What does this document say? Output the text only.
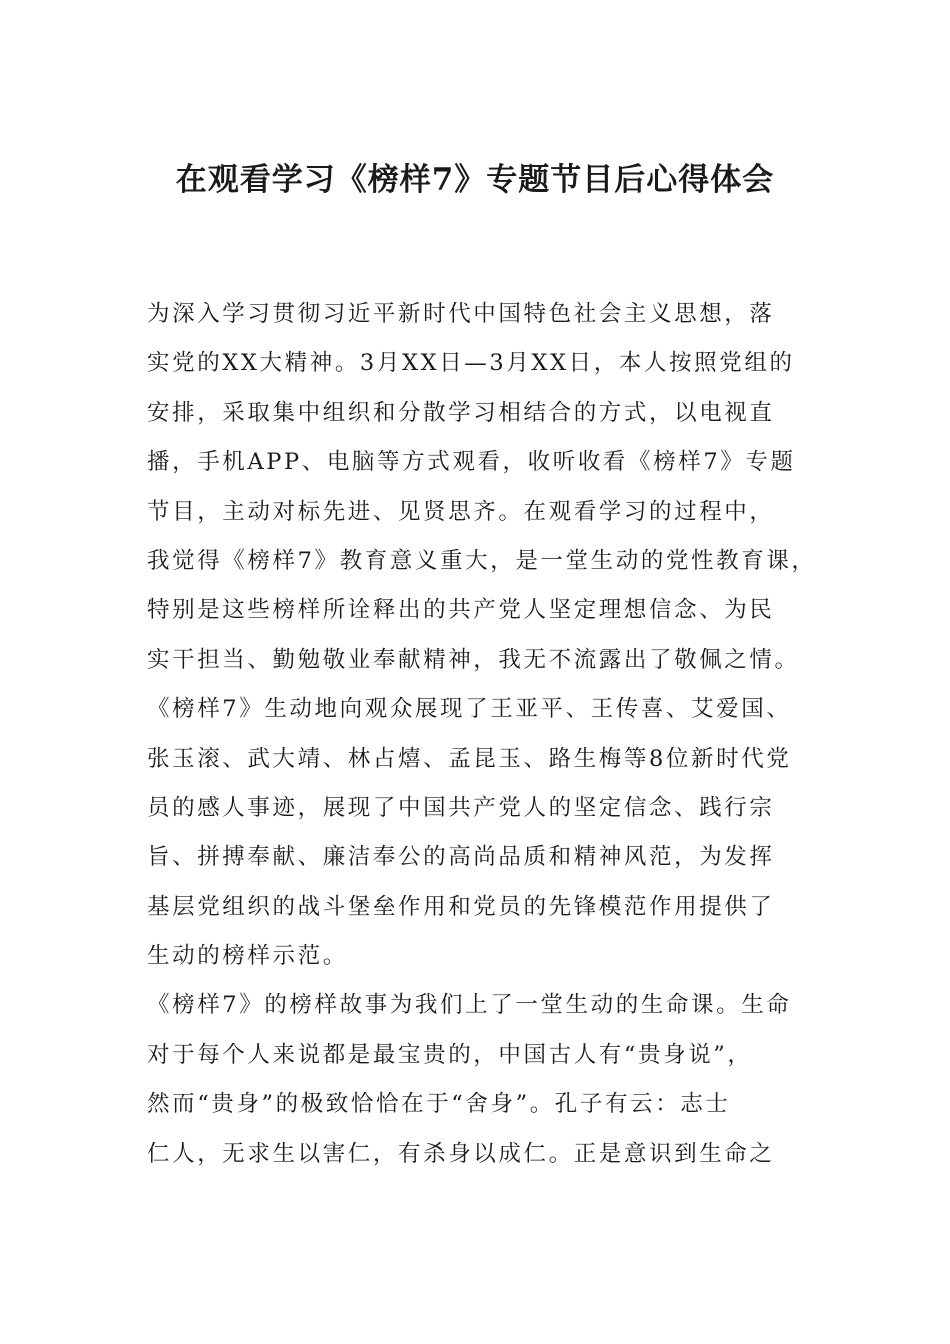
在观看学习《榜样7》专题节目后心得体会
为深入学习贯彻习近平新时代中国特色社会主义思想，落
实党的XX大精神。3月XX日—3月XX日，本人按照党组的
安排，采取集中组织和分散学习相结合的方式，以电视直
播，手机APP、电脑等方式观看，收听收看《榜样7》专题
节目，主动对标先进、见贤思齐。在观看学习的过程中，
我觉得《榜样7》教育意义重大，是一堂生动的党性教育课，
特别是这些榜样所诠释出的共产党人坚定理想信念、为民
实干担当、勤勉敬业奉献精神，我无不流露出了敬佩之情。
《榜样7》生动地向观众展现了王亚平、王传喜、艾爱国、
张玉滚、武大靖、林占熺、孟昆玉、路生梅等8位新时代党
员的感人事迹，展现了中国共产党人的坚定信念、践行宗
旨、拼搏奉献、廉洁奉公的高尚品质和精神风范，为发挥
基层党组织的战斗堡垒作用和党员的先锋模范作用提供了
生动的榜样示范。
《榜样7》的榜样故事为我们上了一堂生动的生命课。生命
对于每个人来说都是最宝贵的，中国古人有“贵身说”，
然而“贵身”的极致恰恰在于“舍身”。孔子有云：志士
仁人，无求生以害仁，有杀身以成仁。正是意识到生命之
